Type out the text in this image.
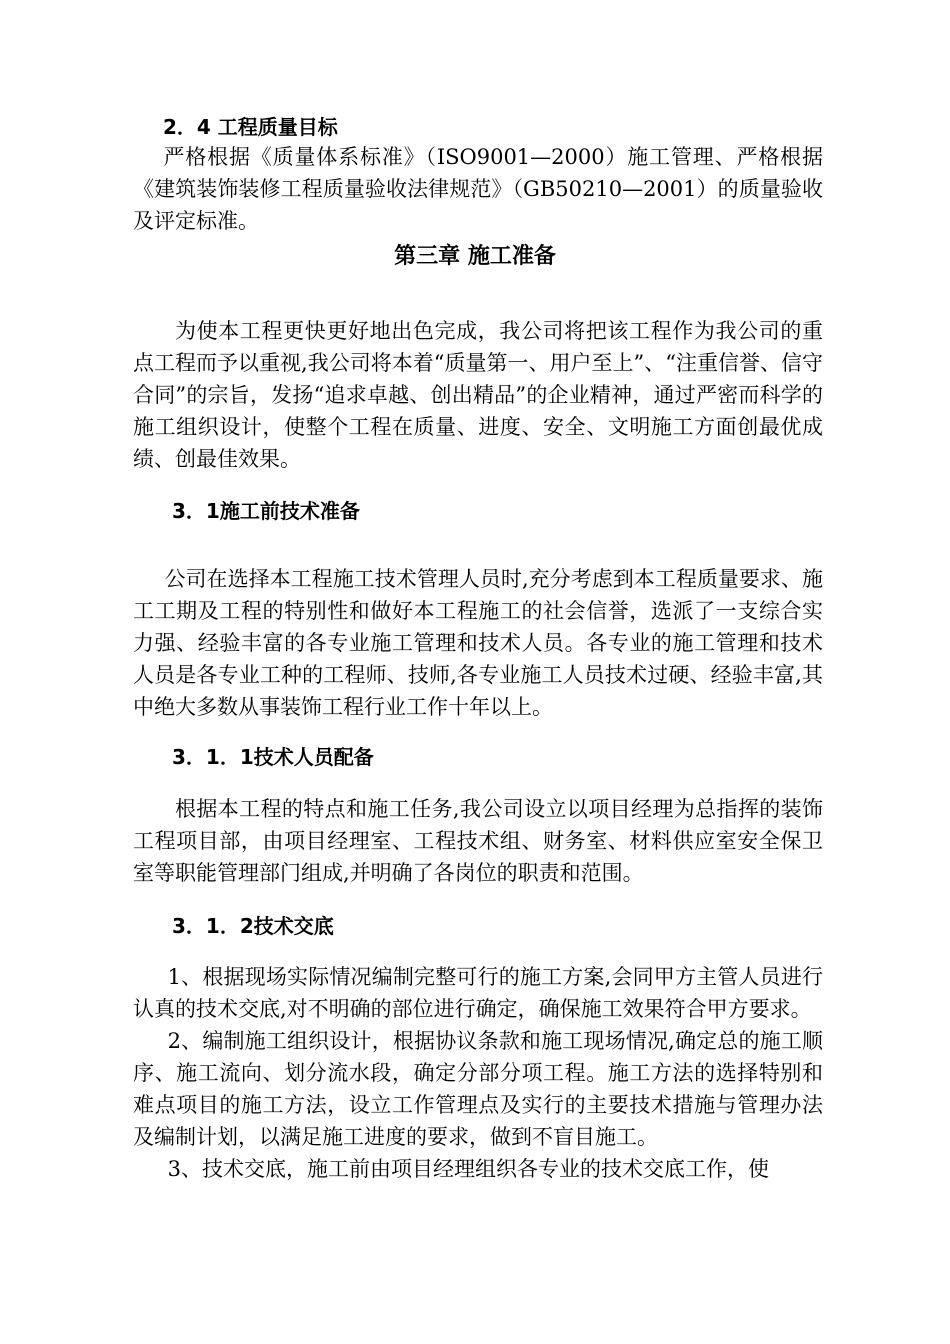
2．4 工程质量目标

严格根据《质量体系标准》（ISO9001—2000）施工管理、严格根据《建筑装饰装修工程质量验收法律规范》（GB50210—2001）的质量验收及评定标准。

第三章 施工准备

为使本工程更快更好地出色完成，我公司将把该工程作为我公司的重点工程而予以重视,我公司将本着“质量第一、用户至上”、“注重信誉、信守合同”的宗旨，发扬“追求卓越、创出精品”的企业精神，通过严密而科学的施工组织设计，使整个工程在质量、进度、安全、文明施工方面创最优成绩、创最佳效果。

3．1施工前技术准备

公司在选择本工程施工技术管理人员时,充分考虑到本工程质量要求、施工工期及工程的特别性和做好本工程施工的社会信誉，选派了一支综合实力强、经验丰富的各专业施工管理和技术人员。各专业的施工管理和技术人员是各专业工种的工程师、技师,各专业施工人员技术过硬、经验丰富,其中绝大多数从事装饰工程行业工作十年以上。

3．1．1技术人员配备

根据本工程的特点和施工任务,我公司设立以项目经理为总指挥的装饰工程项目部，由项目经理室、工程技术组、财务室、材料供应室安全保卫室等职能管理部门组成,并明确了各岗位的职责和范围。

3．1．2技术交底

1、根据现场实际情况编制完整可行的施工方案,会同甲方主管人员进行认真的技术交底,对不明确的部位进行确定，确保施工效果符合甲方要求。

2、编制施工组织设计，根据协议条款和施工现场情况,确定总的施工顺序、施工流向、划分流水段，确定分部分项工程。施工方法的选择特别和难点项目的施工方法，设立工作管理点及实行的主要技术措施与管理办法及编制计划，以满足施工进度的要求，做到不盲目施工。

3、技术交底，施工前由项目经理组织各专业的技术交底工作，使
